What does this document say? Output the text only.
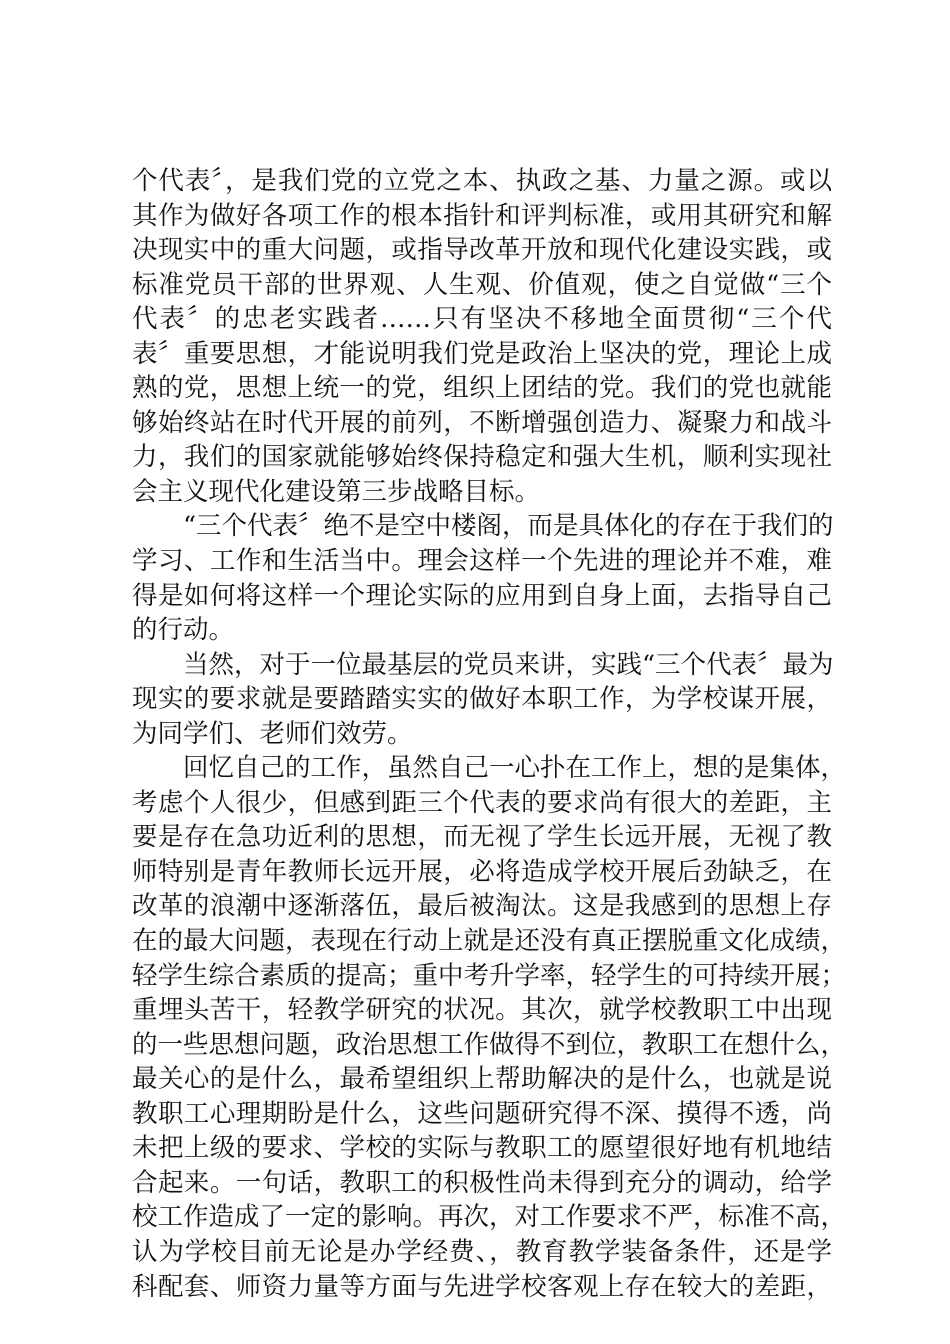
个代表〞，是我们党的立党之本、执政之基、力量之源。或以
其作为做好各项工作的根本指针和评判标准，或用其研究和解
决现实中的重大问题，或指导改革开放和现代化建设实践，或
标准党员干部的世界观、人生观、价值观，使之自觉做“三个
代表〞的忠老实践者……只有坚决不移地全面贯彻“三个代
表〞重要思想，才能说明我们党是政治上坚决的党，理论上成
熟的党，思想上统一的党，组织上团结的党。我们的党也就能
够始终站在时代开展的前列，不断增强创造力、凝聚力和战斗
力，我们的国家就能够始终保持稳定和强大生机，顺利实现社
会主义现代化建设第三步战略目标。
“三个代表〞绝不是空中楼阁，而是具体化的存在于我们的
学习、工作和生活当中。理会这样一个先进的理论并不难，难
得是如何将这样一个理论实际的应用到自身上面，去指导自己
的行动。
当然，对于一位最基层的党员来讲，实践“三个代表〞最为
现实的要求就是要踏踏实实的做好本职工作，为学校谋开展，
为同学们、老师们效劳。
回忆自己的工作，虽然自己一心扑在工作上，想的是集体，
考虑个人很少，但感到距三个代表的要求尚有很大的差距，主
要是存在急功近利的思想，而无视了学生长远开展，无视了教
师特别是青年教师长远开展，必将造成学校开展后劲缺乏，在
改革的浪潮中逐渐落伍，最后被淘汰。这是我感到的思想上存
在的最大问题，表现在行动上就是还没有真正摆脱重文化成绩，
轻学生综合素质的提高；重中考升学率，轻学生的可持续开展；
重埋头苦干，轻教学研究的状况。其次，就学校教职工中出现
的一些思想问题，政治思想工作做得不到位，教职工在想什么，
最关心的是什么，最希望组织上帮助解决的是什么，也就是说
教职工心理期盼是什么，这些问题研究得不深、摸得不透，尚
未把上级的要求、学校的实际与教职工的愿望很好地有机地结
合起来。一句话，教职工的积极性尚未得到充分的调动，给学
校工作造成了一定的影响。再次，对工作要求不严，标准不高，
认为学校目前无论是办学经费、，教育教学装备条件，还是学
科配套、师资力量等方面与先进学校客观上存在较大的差距，
